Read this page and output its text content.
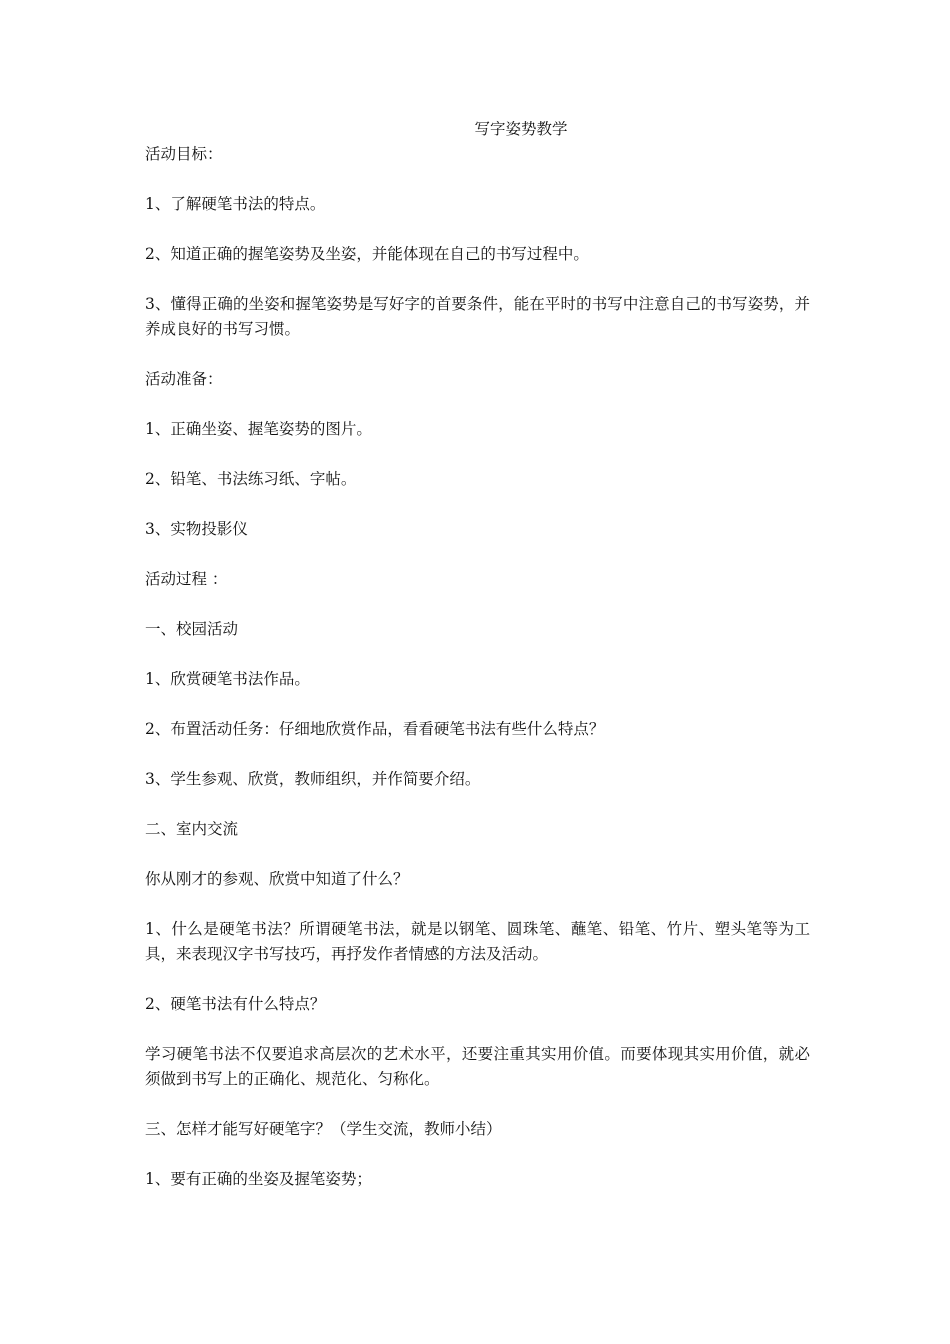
写字姿势教学

活动目标：

1、了解硬笔书法的特点。

2、知道正确的握笔姿势及坐姿，并能体现在自己的书写过程中。

3、懂得正确的坐姿和握笔姿势是写好字的首要条件，能在平时的书写中注意自己的书写姿势，并养成良好的书写习惯。

活动准备：

1、正确坐姿、握笔姿势的图片。

2、铅笔、书法练习纸、字帖。

3、实物投影仪

活动过程 ：

一、校园活动

1、欣赏硬笔书法作品。

2、布置活动任务：仔细地欣赏作品，看看硬笔书法有些什么特点？

3、学生参观、欣赏，教师组织，并作简要介绍。

二、室内交流

你从刚才的参观、欣赏中知道了什么？

1、什么是硬笔书法？所谓硬笔书法，就是以钢笔、圆珠笔、蘸笔、铅笔、竹片、塑头笔等为工具，来表现汉字书写技巧，再抒发作者情感的方法及活动。

2、硬笔书法有什么特点？

学习硬笔书法不仅要追求高层次的艺术水平，还要注重其实用价值。而要体现其实用价值，就必须做到书写上的正确化、规范化、匀称化。

三、怎样才能写好硬笔字？（学生交流，教师小结）

1、要有正确的坐姿及握笔姿势；
